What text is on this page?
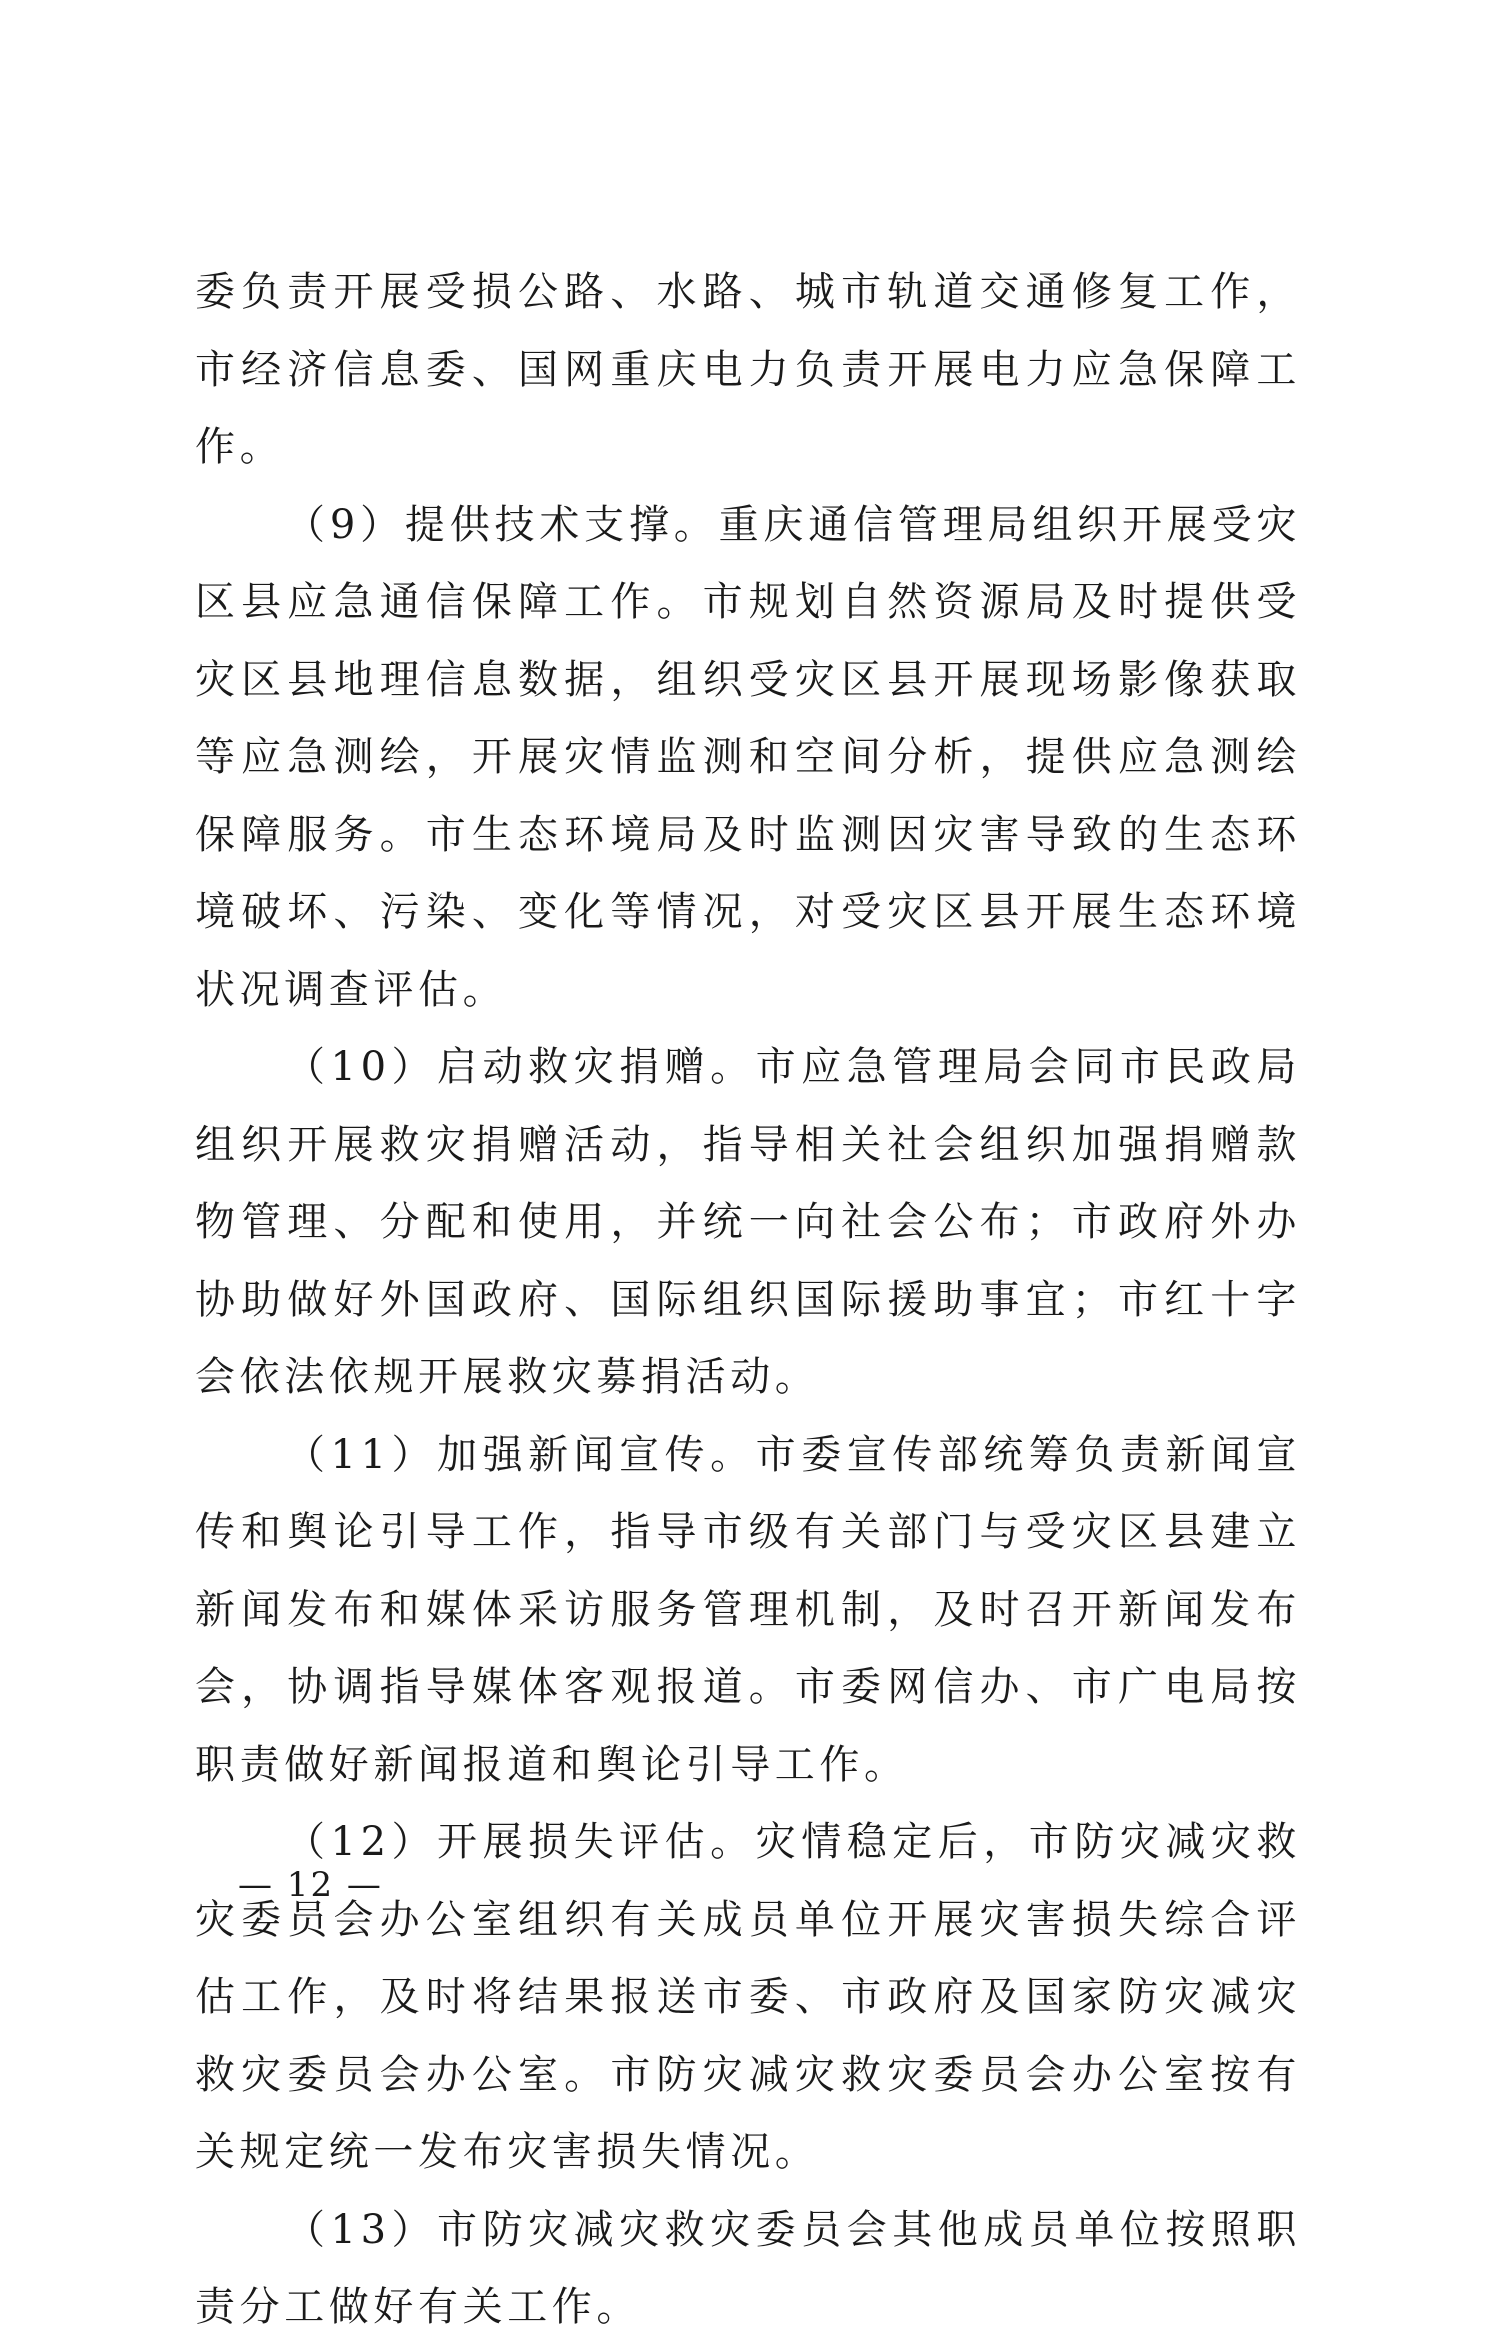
委负责开展受损公路、水路、城市轨道交通修复工作，市经济信息委、国网重庆电力负责开展电力应急保障工作。

（9）提供技术支撑。重庆通信管理局组织开展受灾区县应急通信保障工作。市规划自然资源局及时提供受灾区县地理信息数据，组织受灾区县开展现场影像获取等应急测绘，开展灾情监测和空间分析，提供应急测绘保障服务。市生态环境局及时监测因灾害导致的生态环境破坏、污染、变化等情况，对受灾区县开展生态环境状况调查评估。

（10）启动救灾捐赠。市应急管理局会同市民政局组织开展救灾捐赠活动，指导相关社会组织加强捐赠款物管理、分配和使用，并统一向社会公布；市政府外办协助做好外国政府、国际组织国际援助事宜；市红十字会依法依规开展救灾募捐活动。

（11）加强新闻宣传。市委宣传部统筹负责新闻宣传和舆论引导工作，指导市级有关部门与受灾区县建立新闻发布和媒体采访服务管理机制，及时召开新闻发布会，协调指导媒体客观报道。市委网信办、市广电局按职责做好新闻报道和舆论引导工作。

（12）开展损失评估。灾情稳定后，市防灾减灾救灾委员会办公室组织有关成员单位开展灾害损失综合评估工作，及时将结果报送市委、市政府及国家防灾减灾救灾委员会办公室。市防灾减灾救灾委员会办公室按有关规定统一发布灾害损失情况。

（13）市防灾减灾救灾委员会其他成员单位按照职责分工做好有关工作。

— 12 —
